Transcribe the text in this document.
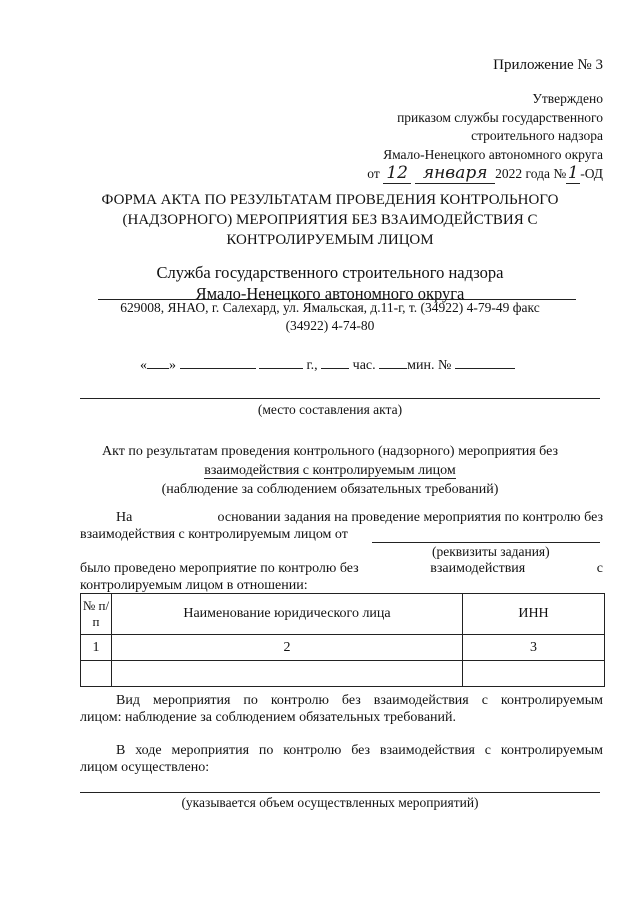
Приложение № 3
Утверждено
приказом службы государственного
строительного надзора
Ямало-Ненецкого автономного округа
от 12 января 2022 года №1 -ОД
ФОРМА АКТА ПО РЕЗУЛЬТАТАМ ПРОВЕДЕНИЯ КОНТРОЛЬНОГО
(НАДЗОРНОГО) МЕРОПРИЯТИЯ БЕЗ ВЗАИМОДЕЙСТВИЯ С
КОНТРОЛИРУЕМЫМ ЛИЦОМ
Служба государственного строительного надзора
Ямало-Ненецкого автономного округа
629008, ЯНАО, г. Салехард, ул. Ямальская, д.11-г, т. (34922) 4-79-49 факс
(34922) 4-74-80
« »	г.,	час. мин. №
(место составления акта)
Акт по результатам проведения контрольного (надзорного) мероприятия без
взаимодействия с контролируемым лицом
(наблюдение за соблюдением обязательных требований)
На	основании задания на проведение мероприятия по контролю без
взаимодействия с контролируемым лицом от
(реквизиты задания)
было проведено мероприятие по контролю без	взаимодействия	с
контролируемым лицом в отношении:
№ п/п	Наименование юридического лица	ИНН
1	2	3

Вид мероприятия по контролю без взаимодействия с контролируемым
лицом: наблюдение за соблюдением обязательных требований.
В ходе мероприятия по контролю без взаимодействия с контролируемым
лицом осуществлено:
(указывается объем осуществленных мероприятий)
